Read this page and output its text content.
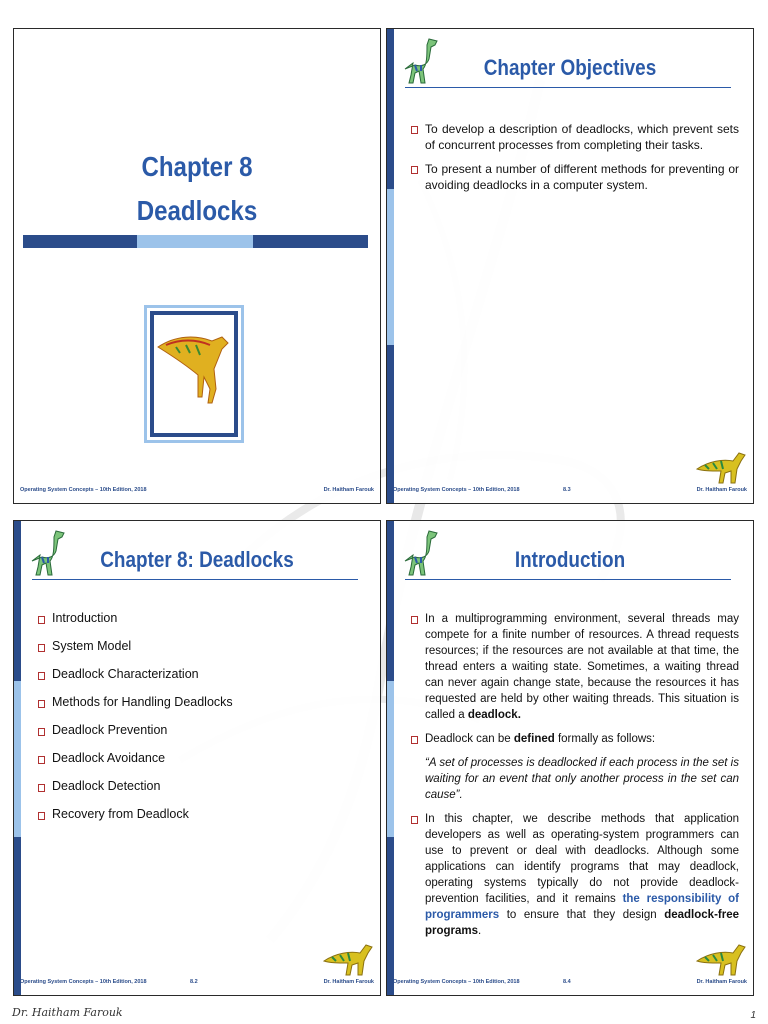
Chapter 8
Deadlocks
Operating System Concepts – 10th Edition, 2018	Dr. Haitham Farouk
Chapter Objectives
To develop a description of deadlocks, which prevent sets of concurrent processes from completing their tasks.
To present a number of different methods for preventing or avoiding deadlocks in a computer system.
Operating System Concepts – 10th Edition, 2018	8.3	Dr. Haitham Farouk
Chapter 8: Deadlocks
Introduction
System Model
Deadlock Characterization
Methods for Handling Deadlocks
Deadlock Prevention
Deadlock Avoidance
Deadlock Detection
Recovery from Deadlock
Operating System Concepts – 10th Edition, 2018	8.2	Dr. Haitham Farouk
Introduction
In a multiprogramming environment, several threads may compete for a finite number of resources. A thread requests resources; if the resources are not available at that time, the thread enters a waiting state. Sometimes, a waiting thread can never again change state, because the resources it has requested are held by other waiting threads. This situation is called a deadlock.
Deadlock can be defined formally as follows:
“A set of processes is deadlocked if each process in the set is waiting for an event that only another process in the set can cause”.
In this chapter, we describe methods that application developers as well as operating-system programmers can use to prevent or deal with deadlocks. Although some applications can identify programs that may deadlock, operating systems typically do not provide deadlock-prevention facilities, and it remains the responsibility of programmers to ensure that they design deadlock-free programs.
Operating System Concepts – 10th Edition, 2018	8.4	Dr. Haitham Farouk
Dr. Haitham Farouk	1
